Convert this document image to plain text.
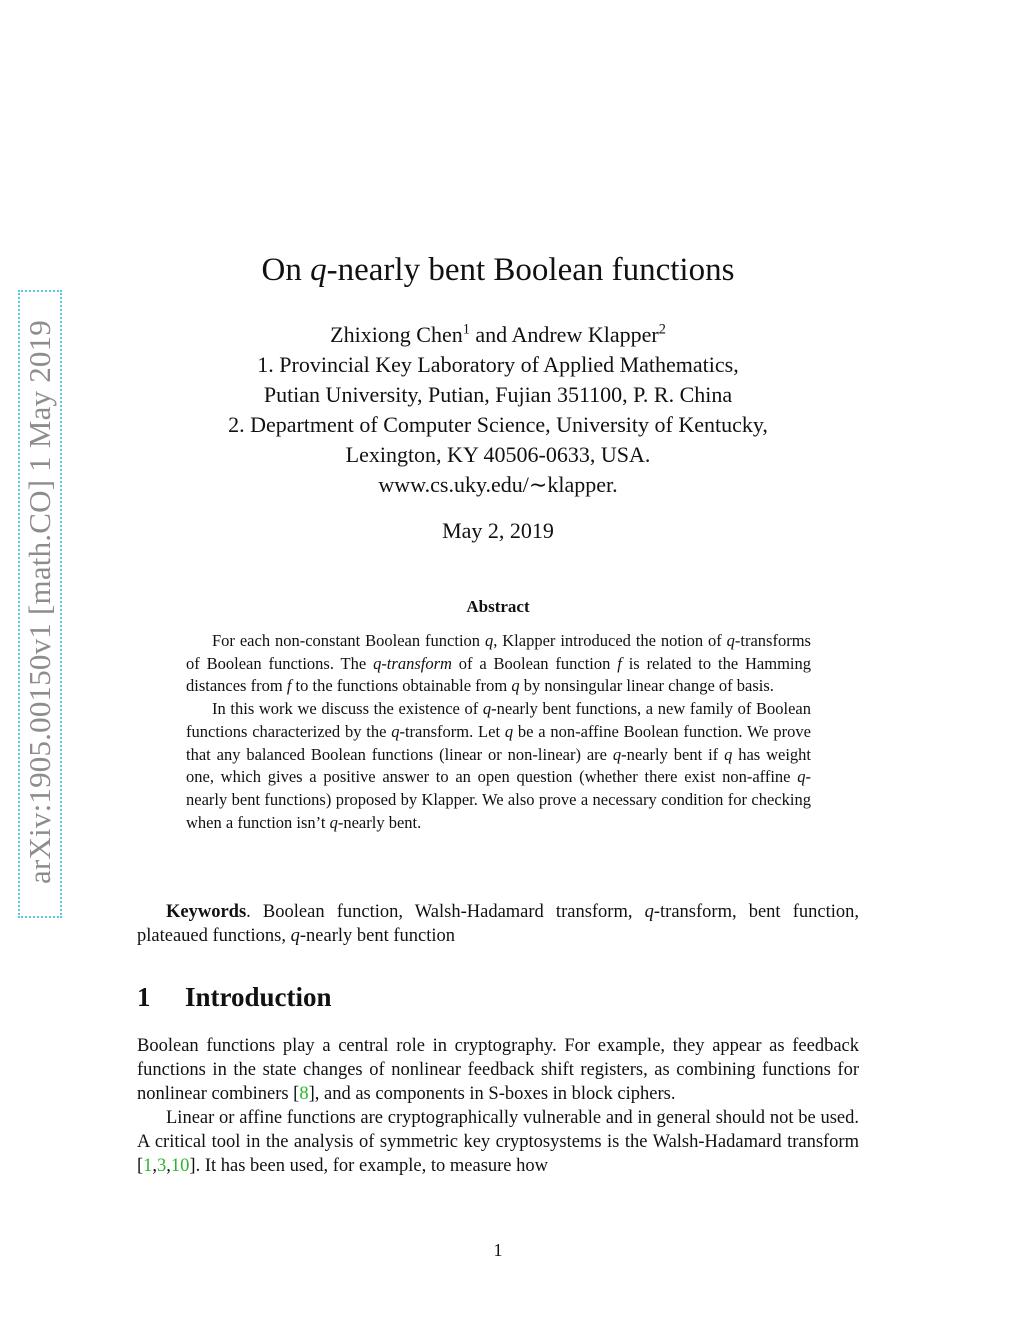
arXiv:1905.00150v1 [math.CO] 1 May 2019
On q-nearly bent Boolean functions
Zhixiong Chen$^1$ and Andrew Klapper$^2$
1. Provincial Key Laboratory of Applied Mathematics,
Putian University, Putian, Fujian 351100, P. R. China
2. Department of Computer Science, University of Kentucky,
Lexington, KY 40506-0633, USA.
www.cs.uky.edu/∼klapper.
May 2, 2019
Abstract

For each non-constant Boolean function q, Klapper introduced the notion of q-transforms of Boolean functions. The q-transform of a Boolean function f is related to the Hamming distances from f to the functions obtainable from q by nonsingular linear change of basis.

In this work we discuss the existence of q-nearly bent functions, a new family of Boolean functions characterized by the q-transform. Let q be a non-affine Boolean function. We prove that any balanced Boolean functions (linear or non-linear) are q-nearly bent if q has weight one, which gives a positive answer to an open question (whether there exist non-affine q-nearly bent functions) proposed by Klapper. We also prove a necessary condition for checking when a function isn’t q-nearly bent.

Keywords. Boolean function, Walsh-Hadamard transform, q-transform, bent function, plateaued functions, q-nearly bent function
1 Introduction

Boolean functions play a central role in cryptography. For example, they appear as feedback functions in the state changes of nonlinear feedback shift registers, as combining functions for nonlinear combiners [8], and as components in S-boxes in block ciphers.

Linear or affine functions are cryptographically vulnerable and in general should not be used. A critical tool in the analysis of symmetric key cryptosystems is the Walsh-Hadamard transform [1,3,10]. It has been used, for example, to measure how

1
